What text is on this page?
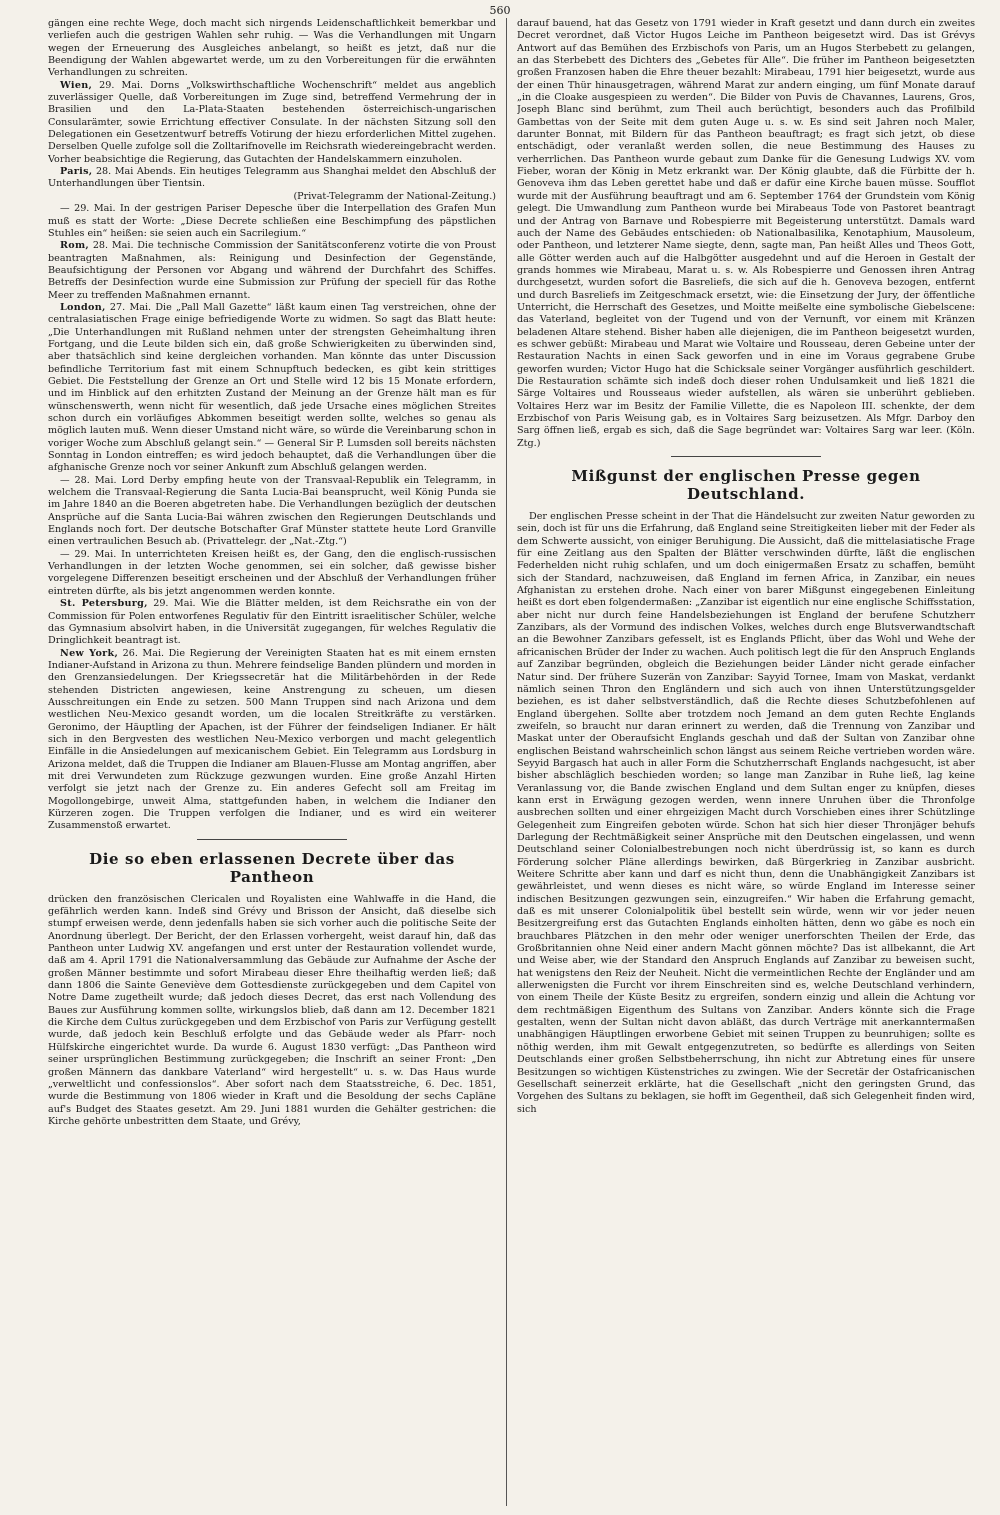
560

gängen eine rechte Wege, doch macht sich nirgends Leidenschaftlichkeit bemerkbar und verliefen auch die gestrigen Wahlen sehr ruhig. — Was die Verhandlungen mit Ungarn wegen der Erneuerung des Ausgleiches anbelangt, so heißt es jetzt, daß nur die Beendigung der Wahlen abgewartet werde, um zu den Vorbereitungen für die erwähnten Verhandlungen zu schreiten.

Wien, 29. Mai. Dorns „Volkswirthschaftliche Wochenschrift“ meldet aus angeblich zuverlässiger Quelle, daß Vorbereitungen im Zuge sind, betreffend Vermehrung der in Brasilien und den La-Plata-Staaten bestehenden österreichisch-ungarischen Consularämter, sowie Errichtung effectiver Consulate. In der nächsten Sitzung soll den Delegationen ein Gesetzentwurf betreffs Votirung der hiezu erforderlichen Mittel zugehen. Derselben Quelle zufolge soll die Zolltarifnovelle im Reichsrath wiedereingebracht werden. Vorher beabsichtige die Regierung, das Gutachten der Handelskammern einzuholen.

Paris, 28. Mai Abends. Ein heutiges Telegramm aus Shanghai meldet den Abschluß der Unterhandlungen über Tientsin.

(Privat-Telegramm der National-Zeitung.)

— 29. Mai. In der gestrigen Pariser Depesche über die Interpellation des Grafen Mun muß es statt der Worte: „Diese Decrete schließen eine Beschimpfung des päpstlichen Stuhles ein“ heißen: sie seien auch ein Sacrilegium.“

Rom, 28. Mai. Die technische Commission der Sanitätsconferenz votirte die von Proust beantragten Maßnahmen, als: Reinigung und Desinfection der Gegenstände, Beaufsichtigung der Personen vor Abgang und während der Durchfahrt des Schiffes. Betreffs der Desinfection wurde eine Submission zur Prüfung der speciell für das Rothe Meer zu treffenden Maßnahmen ernannt.

London, 27. Mai. Die „Pall Mall Gazette“ läßt kaum einen Tag verstreichen, ohne der centralasiatischen Frage einige befriedigende Worte zu widmen. So sagt das Blatt heute: „Die Unterhandlungen mit Rußland nehmen unter der strengsten Geheimhaltung ihren Fortgang, und die Leute bilden sich ein, daß große Schwierigkeiten zu überwinden sind, aber thatsächlich sind keine dergleichen vorhanden. Man könnte das unter Discussion befindliche Territorium fast mit einem Schnupftuch bedecken, es gibt kein strittiges Gebiet. Die Feststellung der Grenze an Ort und Stelle wird 12 bis 15 Monate erfordern, und im Hinblick auf den erhitzten Zustand der Meinung an der Grenze hält man es für wünschenswerth, wenn nicht für wesentlich, daß jede Ursache eines möglichen Streites schon durch ein vorläufiges Abkommen beseitigt werden sollte, welches so genau als möglich lauten muß. Wenn dieser Umstand nicht wäre, so würde die Vereinbarung schon in voriger Woche zum Abschluß gelangt sein.“ — General Sir P. Lumsden soll bereits nächsten Sonntag in London eintreffen; es wird jedoch behauptet, daß die Verhandlungen über die afghanische Grenze noch vor seiner Ankunft zum Abschluß gelangen werden.

— 28. Mai. Lord Derby empfing heute von der Transvaal-Republik ein Telegramm, in welchem die Transvaal-Regierung die Santa Lucia-Bai beansprucht, weil König Punda sie im Jahre 1840 an die Boeren abgetreten habe. Die Verhandlungen bezüglich der deutschen Ansprüche auf die Santa Lucia-Bai währen zwischen den Regierungen Deutschlands und Englands noch fort. Der deutsche Botschafter Graf Münster stattete heute Lord Granville einen vertraulichen Besuch ab. (Privattelegr. der „Nat.-Ztg.“)

— 29. Mai. In unterrichteten Kreisen heißt es, der Gang, den die englisch-russischen Verhandlungen in der letzten Woche genommen, sei ein solcher, daß gewisse bisher vorgelegene Differenzen beseitigt erscheinen und der Abschluß der Verhandlungen früher eintreten dürfte, als bis jetzt angenommen werden konnte.

St. Petersburg, 29. Mai. Wie die Blätter melden, ist dem Reichsrathe ein von der Commission für Polen entworfenes Regulativ für den Eintritt israelitischer Schüler, welche das Gymnasium absolvirt haben, in die Universität zugegangen, für welches Regulativ die Dringlichkeit beantragt ist.

New York, 26. Mai. Die Regierung der Vereinigten Staaten hat es mit einem ernsten Indianer-Aufstand in Arizona zu thun. Mehrere feindselige Banden plündern und morden in den Grenzansiedelungen. Der Kriegssecretär hat die Militärbehörden in der Rede stehenden Districten angewiesen, keine Anstrengung zu scheuen, um diesen Ausschreitungen ein Ende zu setzen. 500 Mann Truppen sind nach Arizona und dem westlichen Neu-Mexico gesandt worden, um die localen Streitkräfte zu verstärken. Geronimo, der Häuptling der Apachen, ist der Führer der feindseligen Indianer. Er hält sich in den Bergvesten des westlichen Neu-Mexico verborgen und macht gelegentlich Einfälle in die Ansiedelungen auf mexicanischem Gebiet. Ein Telegramm aus Lordsburg in Arizona meldet, daß die Truppen die Indianer am Blauen-Flusse am Montag angriffen, aber mit drei Verwundeten zum Rückzuge gezwungen wurden. Eine große Anzahl Hirten verfolgt sie jetzt nach der Grenze zu. Ein anderes Gefecht soll am Freitag im Mogollongebirge, unweit Alma, stattgefunden haben, in welchem die Indianer den Kürzeren zogen. Die Truppen verfolgen die Indianer, und es wird ein weiterer Zusammenstoß erwartet.

Die so eben erlassenen Decrete über das Pantheon

drücken den französischen Clericalen und Royalisten eine Wahlwaffe in die Hand, die gefährlich werden kann. Indeß sind Grévy und Brisson der Ansicht, daß dieselbe sich stumpf erweisen werde, denn jedenfalls haben sie sich vorher auch die politische Seite der Anordnung überlegt. Der Bericht, der den Erlassen vorhergeht, weist darauf hin, daß das Pantheon unter Ludwig XV. angefangen und erst unter der Restauration vollendet wurde, daß am 4. April 1791 die Nationalversammlung das Gebäude zur Aufnahme der Asche der großen Männer bestimmte und sofort Mirabeau dieser Ehre theilhaftig werden ließ; daß dann 1806 die Sainte Geneviève dem Gottesdienste zurückgegeben und dem Capitel von Notre Dame zugetheilt wurde; daß jedoch dieses Decret, das erst nach Vollendung des Baues zur Ausführung kommen sollte, wirkungslos blieb, daß dann am 12. December 1821 die Kirche dem Cultus zurückgegeben und dem Erzbischof von Paris zur Verfügung gestellt wurde, daß jedoch kein Beschluß erfolgte und das Gebäude weder als Pfarr- noch Hülfskirche eingerichtet wurde. Da wurde 6. August 1830 verfügt: „Das Pantheon wird seiner ursprünglichen Bestimmung zurückgegeben; die Inschrift an seiner Front: „Den großen Männern das dankbare Vaterland“ wird hergestellt“ u. s. w. Das Haus wurde „verweltlicht und confessionslos“. Aber sofort nach dem Staatsstreiche, 6. Dec. 1851, wurde die Bestimmung von 1806 wieder in Kraft und die Besoldung der sechs Capläne auf's Budget des Staates gesetzt. Am 29. Juni 1881 wurden die Gehälter gestrichen: die Kirche gehörte unbestritten dem Staate, und Grévy,

darauf bauend, hat das Gesetz von 1791 wieder in Kraft gesetzt und dann durch ein zweites Decret verordnet, daß Victor Hugos Leiche im Pantheon beigesetzt wird. Das ist Grévys Antwort auf das Bemühen des Erzbischofs von Paris, um an Hugos Sterbebett zu gelangen, an das Sterbebett des Dichters des „Gebetes für Alle“. Die früher im Pantheon beigesetzten großen Franzosen haben die Ehre theuer bezahlt: Mirabeau, 1791 hier beigesetzt, wurde aus der einen Thür hinausgetragen, während Marat zur andern einging, um fünf Monate darauf „in die Cloake ausgespieen zu werden“. Die Bilder von Puvis de Chavannes, Laurens, Gros, Joseph Blanc sind berühmt, zum Theil auch berüchtigt, besonders auch das Profilbild Gambettas von der Seite mit dem guten Auge u. s. w. Es sind seit Jahren noch Maler, darunter Bonnat, mit Bildern für das Pantheon beauftragt; es fragt sich jetzt, ob diese entschädigt, oder veranlaßt werden sollen, die neue Bestimmung des Hauses zu verherrlichen. Das Pantheon wurde gebaut zum Danke für die Genesung Ludwigs XV. vom Fieber, woran der König in Metz erkrankt war. Der König glaubte, daß die Fürbitte der h. Genoveva ihm das Leben gerettet habe und daß er dafür eine Kirche bauen müsse. Soufflot wurde mit der Ausführung beauftragt und am 6. September 1764 der Grundstein vom König gelegt. Die Umwandlung zum Pantheon wurde bei Mirabeaus Tode von Pastoret beantragt und der Antrag von Barnave und Robespierre mit Begeisterung unterstützt. Damals ward auch der Name des Gebäudes entschieden: ob Nationalbasilika, Kenotaphium, Mausoleum, oder Pantheon, und letzterer Name siegte, denn, sagte man, Pan heißt Alles und Theos Gott, alle Götter werden auch auf die Halbgötter ausgedehnt und auf die Heroen in Gestalt der grands hommes wie Mirabeau, Marat u. s. w. Als Robespierre und Genossen ihren Antrag durchgesetzt, wurden sofort die Basreliefs, die sich auf die h. Genoveva bezogen, entfernt und durch Basreliefs im Zeitgeschmack ersetzt, wie: die Einsetzung der Jury, der öffentliche Unterricht, die Herrschaft des Gesetzes, und Moitte meißelte eine symbolische Giebelscene: das Vaterland, begleitet von der Tugend und von der Vernunft, vor einem mit Kränzen beladenen Altare stehend. Bisher haben alle diejenigen, die im Pantheon beigesetzt wurden, es schwer gebüßt: Mirabeau und Marat wie Voltaire und Rousseau, deren Gebeine unter der Restauration Nachts in einen Sack geworfen und in eine im Voraus gegrabene Grube geworfen wurden; Victor Hugo hat die Schicksale seiner Vorgänger ausführlich geschildert. Die Restauration schämte sich indeß doch dieser rohen Undulsamkeit und ließ 1821 die Särge Voltaires und Rousseaus wieder aufstellen, als wären sie unberührt geblieben. Voltaires Herz war im Besitz der Familie Villette, die es Napoleon III. schenkte, der dem Erzbischof von Paris Weisung gab, es in Voltaires Sarg beizusetzen. Als Mfgr. Darboy den Sarg öffnen ließ, ergab es sich, daß die Sage begründet war: Voltaires Sarg war leer. (Köln. Ztg.)

Mißgunst der englischen Presse gegen Deutschland.

Der englischen Presse scheint in der That die Händelsucht zur zweiten Natur geworden zu sein, doch ist für uns die Erfahrung, daß England seine Streitigkeiten lieber mit der Feder als dem Schwerte aussicht, von einiger Beruhigung. Die Aussicht, daß die mittelasiatische Frage für eine Zeitlang aus den Spalten der Blätter verschwinden dürfte, läßt die englischen Federhelden nicht ruhig schlafen, und um doch einigermaßen Ersatz zu schaffen, bemüht sich der Standard, nachzuweisen, daß England im fernen Africa, in Zanzibar, ein neues Afghanistan zu erstehen drohe. Nach einer von barer Mißgunst eingegebenen Einleitung heißt es dort eben folgendermaßen: „Zanzibar ist eigentlich nur eine englische Schiffsstation, aber nicht nur durch feine Handelsbeziehungen ist England der berufene Schutzherr Zanzibars, als der Vormund des indischen Volkes, welches durch enge Blutsverwandtschaft an die Bewohner Zanzibars gefesselt, ist es Englands Pflicht, über das Wohl und Wehe der africanischen Brüder der Inder zu wachen. Auch politisch legt die für den Anspruch Englands auf Zanzibar begründen, obgleich die Beziehungen beider Länder nicht gerade einfacher Natur sind. Der frühere Suzerän von Zanzibar: Sayyid Tornee, Imam von Maskat, verdankt nämlich seinen Thron den Engländern und sich auch von ihnen Unterstützungsgelder beziehen, es ist daher selbstverständlich, daß die Rechte dieses Schutzbefohlenen auf England übergehen. Sollte aber trotzdem noch Jemand an dem guten Rechte Englands zweifeln, so braucht nur daran erinnert zu werden, daß die Trennung von Zanzibar und Maskat unter der Oberaufsicht Englands geschah und daß der Sultan von Zanzibar ohne englischen Beistand wahrscheinlich schon längst aus seinem Reiche vertrieben worden wäre. Seyyid Bargasch hat auch in aller Form die Schutzherrschaft Englands nachgesucht, ist aber bisher abschläglich beschieden worden; so lange man Zanzibar in Ruhe ließ, lag keine Veranlassung vor, die Bande zwischen England und dem Sultan enger zu knüpfen, dieses kann erst in Erwägung gezogen werden, wenn innere Unruhen über die Thronfolge ausbrechen sollten und einer ehrgeizigen Macht durch Vorschieben eines ihrer Schützlinge Gelegenheit zum Eingreifen geboten würde. Schon hat sich hier dieser Thronjäger behufs Darlegung der Rechtmäßigkeit seiner Ansprüche mit den Deutschen eingelassen, und wenn Deutschland seiner Colonialbestrebungen noch nicht überdrüssig ist, so kann es durch Förderung solcher Pläne allerdings bewirken, daß Bürgerkrieg in Zanzibar ausbricht. Weitere Schritte aber kann und darf es nicht thun, denn die Unabhängigkeit Zanzibars ist gewährleistet, und wenn dieses es nicht wäre, so würde England im Interesse seiner indischen Besitzungen gezwungen sein, einzugreifen.“ Wir haben die Erfahrung gemacht, daß es mit unserer Colonialpolitik übel bestellt sein würde, wenn wir vor jeder neuen Besitzergreifung erst das Gutachten Englands einholten hätten, denn wo gäbe es noch ein brauchbares Plätzchen in den mehr oder weniger unerforschten Theilen der Erde, das Großbritannien ohne Neid einer andern Macht gönnen möchte? Das ist allbekannt, die Art und Weise aber, wie der Standard den Anspruch Englands auf Zanzibar zu beweisen sucht, hat wenigstens den Reiz der Neuheit. Nicht die vermeintlichen Rechte der Engländer und am allerwenigsten die Furcht vor ihrem Einschreiten sind es, welche Deutschland verhindern, von einem Theile der Küste Besitz zu ergreifen, sondern einzig und allein die Achtung vor dem rechtmäßigen Eigenthum des Sultans von Zanzibar. Anders könnte sich die Frage gestalten, wenn der Sultan nicht davon abläßt, das durch Verträge mit anerkanntermaßen unabhängigen Häuptlingen erworbene Gebiet mit seinen Truppen zu beunruhigen; sollte es nöthig werden, ihm mit Gewalt entgegenzutreten, so bedürfte es allerdings von Seiten Deutschlands einer großen Selbstbeherrschung, ihn nicht zur Abtretung eines für unsere Besitzungen so wichtigen Küstenstriches zu zwingen. Wie der Secretär der Ostafricanischen Gesellschaft seinerzeit erklärte, hat die Gesellschaft „nicht den geringsten Grund, das Vorgehen des Sultans zu beklagen, sie hofft im Gegentheil, daß sich Gelegenheit finden wird, sich
